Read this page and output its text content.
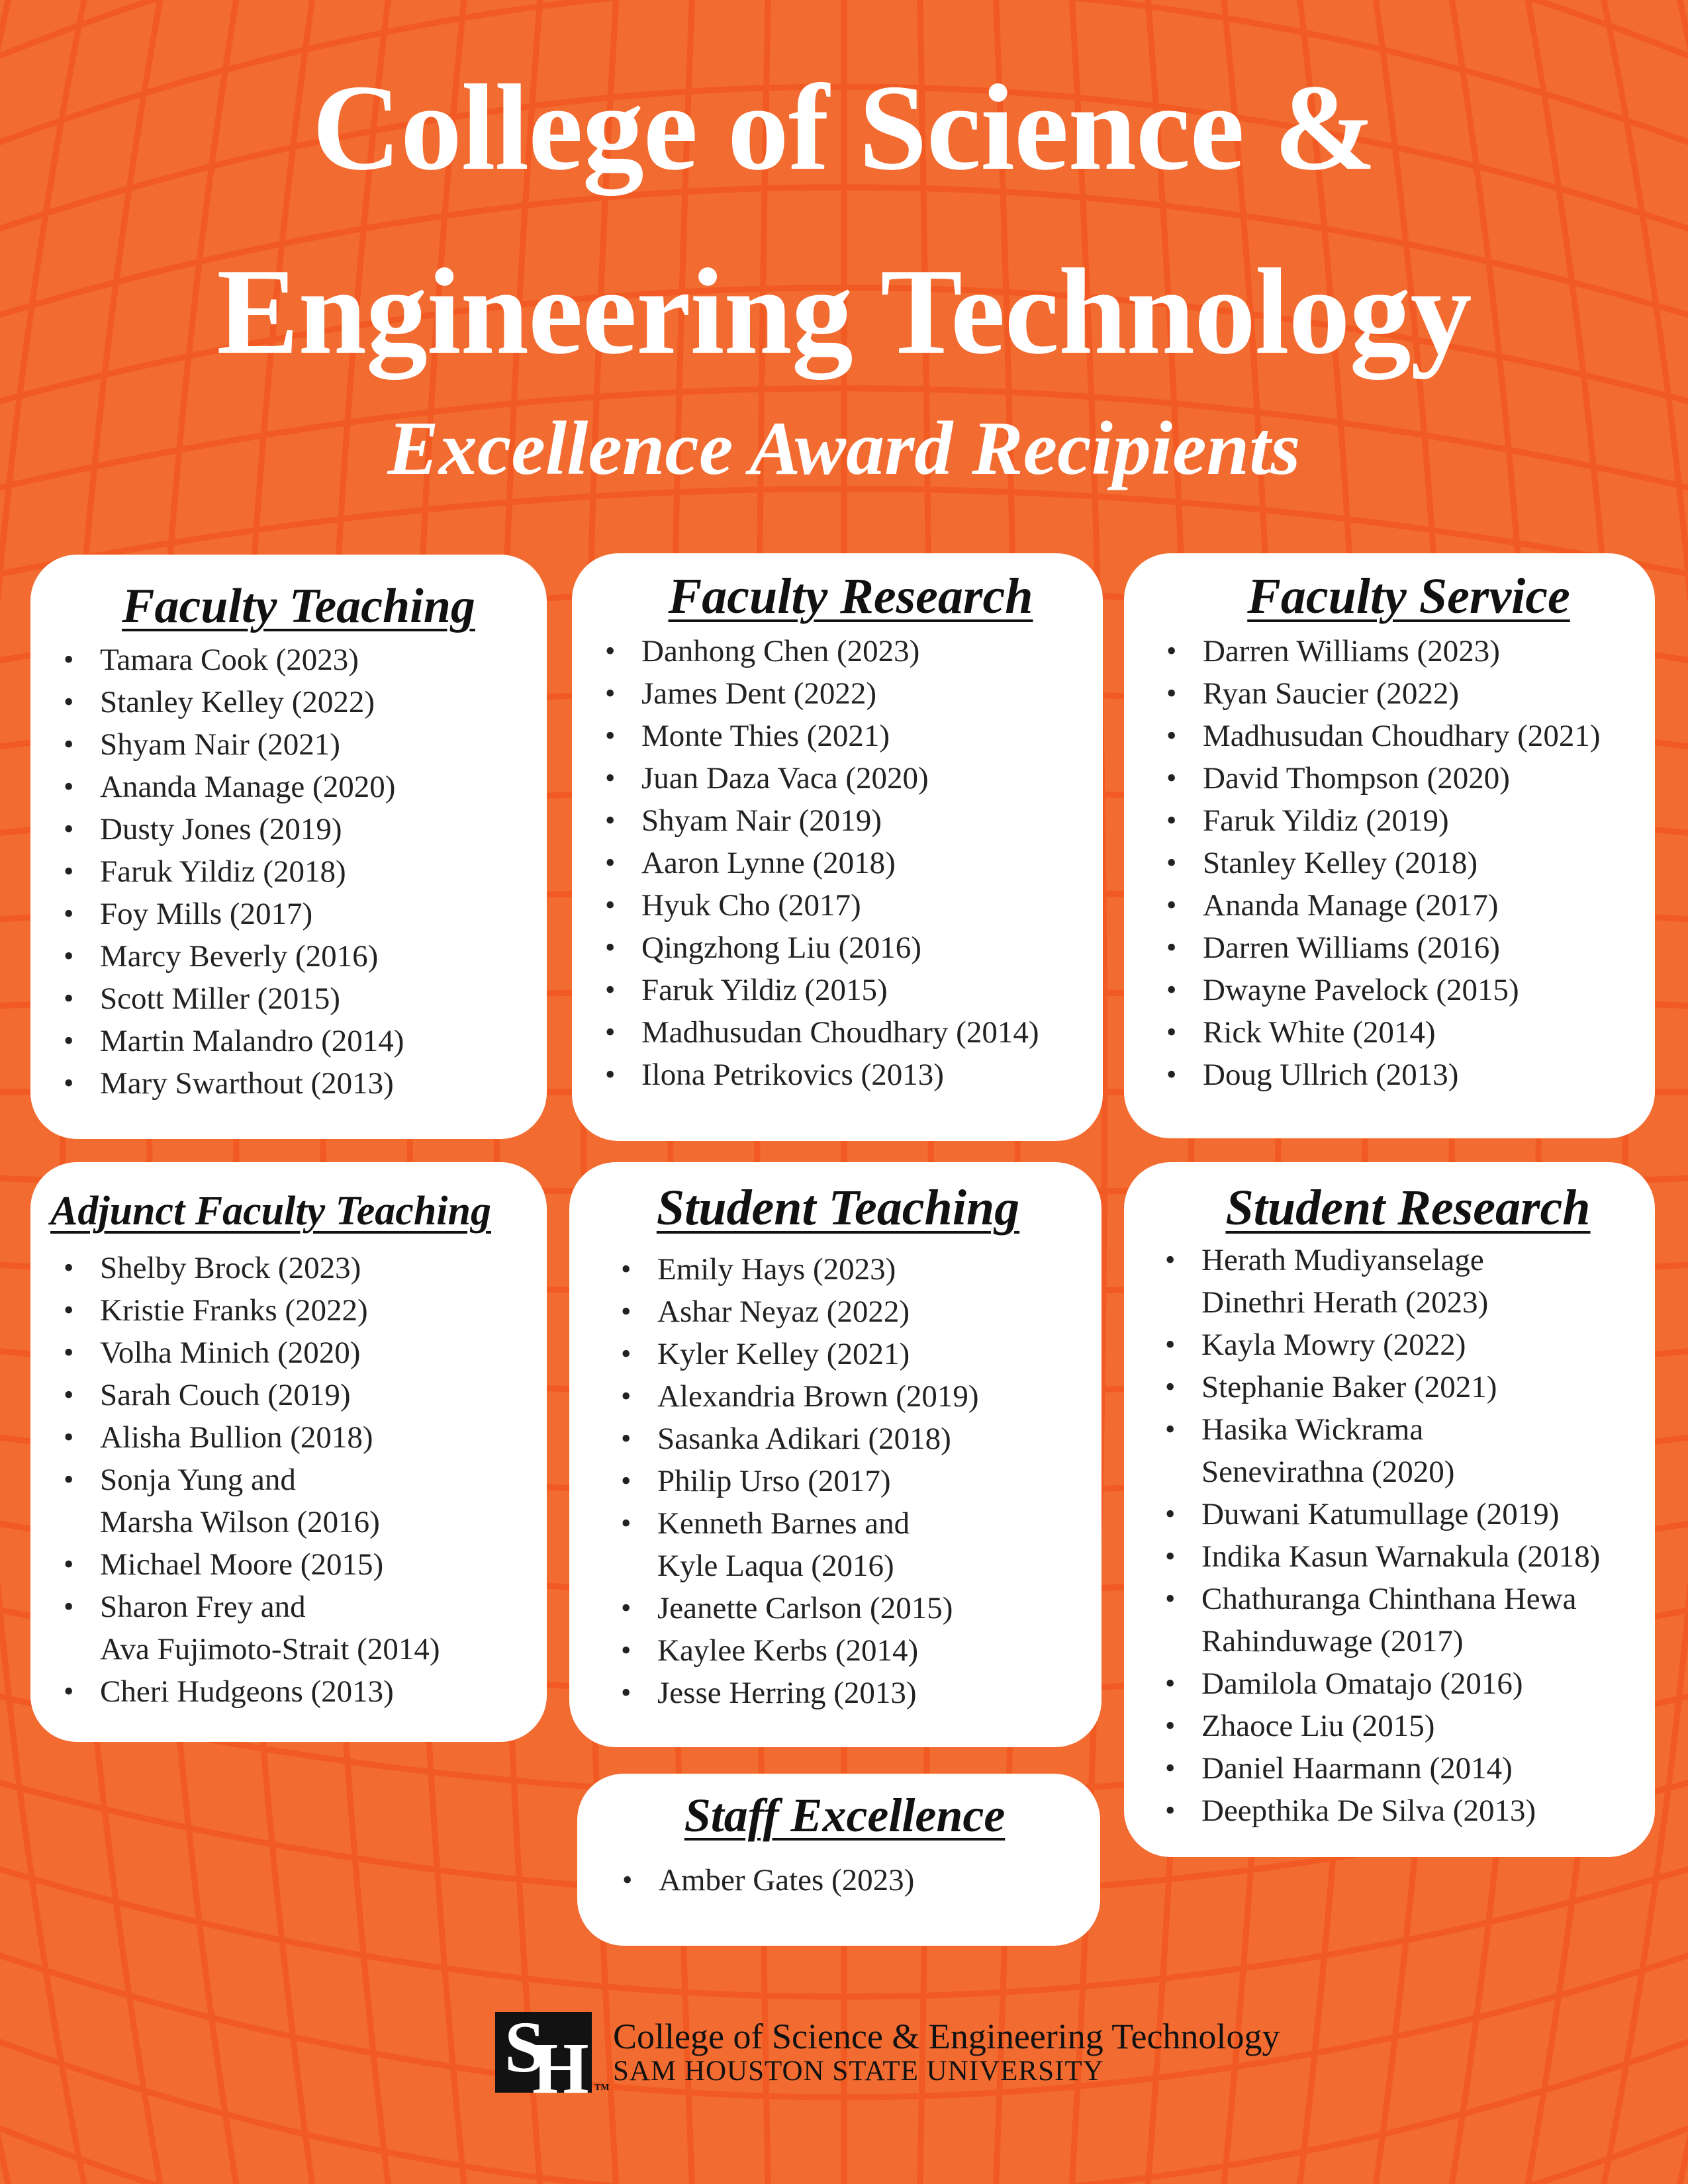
College of Science &
Engineering Technology
Excellence Award Recipients
Faculty Teaching
• Tamara Cook (2023)
• Stanley Kelley (2022)
• Shyam Nair (2021)
• Ananda Manage (2020)
• Dusty Jones (2019)
• Faruk Yildiz (2018)
• Foy Mills (2017)
• Marcy Beverly (2016)
• Scott Miller (2015)
• Martin Malandro (2014)
• Mary Swarthout (2013)
Faculty Research
• Danhong Chen (2023)
• James Dent (2022)
• Monte Thies (2021)
• Juan Daza Vaca (2020)
• Shyam Nair (2019)
• Aaron Lynne (2018)
• Hyuk Cho (2017)
• Qingzhong Liu (2016)
• Faruk Yildiz (2015)
• Madhusudan Choudhary (2014)
• Ilona Petrikovics (2013)
Faculty Service
• Darren Williams (2023)
• Ryan Saucier (2022)
• Madhusudan Choudhary (2021)
• David Thompson (2020)
• Faruk Yildiz (2019)
• Stanley Kelley (2018)
• Ananda Manage (2017)
• Darren Williams (2016)
• Dwayne Pavelock (2015)
• Rick White (2014)
• Doug Ullrich (2013)
Adjunct Faculty Teaching
• Shelby Brock (2023)
• Kristie Franks (2022)
• Volha Minich (2020)
• Sarah Couch (2019)
• Alisha Bullion (2018)
• Sonja Yung and
Marsha Wilson (2016)
• Michael Moore (2015)
• Sharon Frey and
Ava Fujimoto-Strait (2014)
• Cheri Hudgeons (2013)
Student Teaching
• Emily Hays (2023)
• Ashar Neyaz (2022)
• Kyler Kelley (2021)
• Alexandria Brown (2019)
• Sasanka Adikari (2018)
• Philip Urso (2017)
• Kenneth Barnes and
Kyle Laqua (2016)
• Jeanette Carlson (2015)
• Kaylee Kerbs (2014)
• Jesse Herring (2013)
Student Research
• Herath Mudiyanselage
Dinethri Herath (2023)
• Kayla Mowry (2022)
• Stephanie Baker (2021)
• Hasika Wickrama
Senevirathna (2020)
• Duwani Katumullage (2019)
• Indika Kasun Warnakula (2018)
• Chathuranga Chinthana Hewa
Rahinduwage (2017)
• Damilola Omatajo (2016)
• Zhaoce Liu (2015)
• Daniel Haarmann (2014)
• Deepthika De Silva (2013)
Staff Excellence
• Amber Gates (2023)
S
H TM
College of Science & Engineering Technology
SAM HOUSTON STATE UNIVERSITY
